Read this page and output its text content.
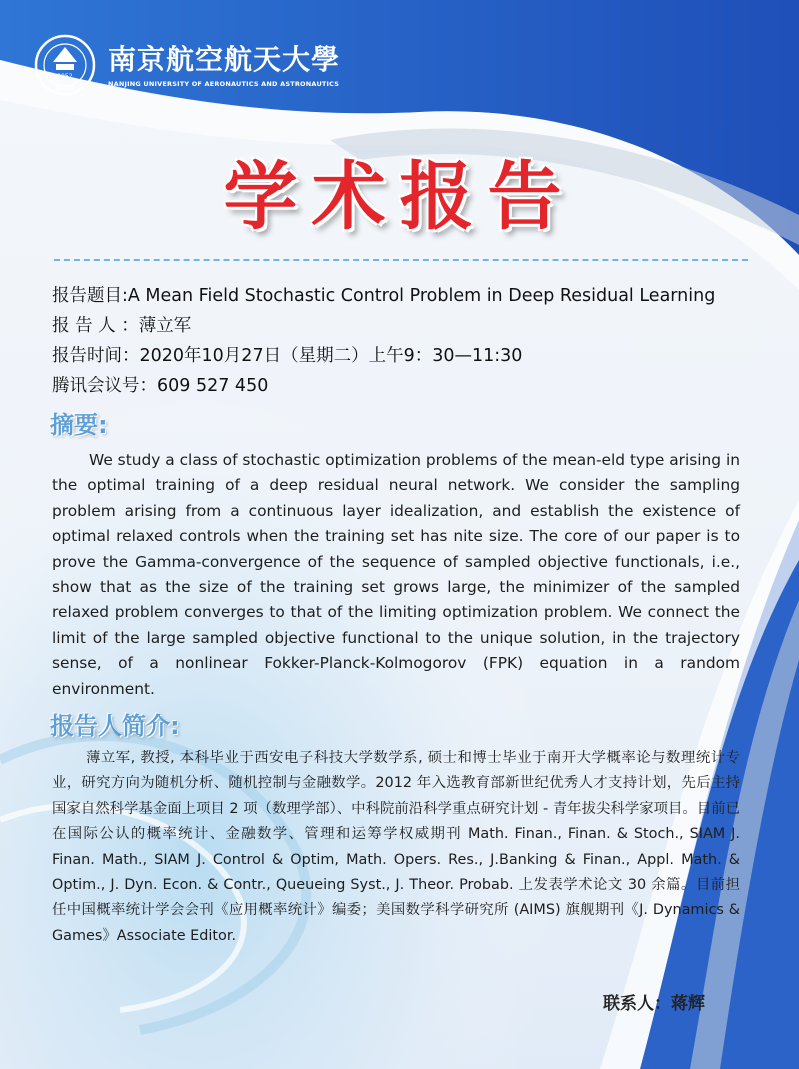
1952
NUAA
南京航空航天大學
NANJING UNIVERSITY OF AERONAUTICS AND ASTRONAUTICS
学术报告
报告题目:A Mean Field Stochastic Control Problem in Deep Residual Learning
报 告 人 ：薄立军
报告时间：2020年10月27日（星期二）上午9：30—11:30
腾讯会议号：609 527 450
摘要:
We study a class of stochastic optimization problems of the mean-eld type arising in the optimal training of a deep residual neural network. We consider the sampling problem arising from a continuous layer idealization, and establish the existence of optimal relaxed controls when the training set has nite size. The core of our paper is to prove the Gamma-convergence of the sequence of sampled objective functionals, i.e., show that as the size of the training set grows large, the minimizer of the sampled relaxed problem converges to that of the limiting optimization problem. We connect the limit of the large sampled objective functional to the unique solution, in the trajectory sense, of a nonlinear Fokker-Planck-Kolmogorov (FPK) equation in a random environment.
报告人简介:
薄立军, 教授, 本科毕业于西安电子科技大学数学系, 硕士和博士毕业于南开大学概率论与数理统计专业，研究方向为随机分析、随机控制与金融数学。2012 年入选教育部新世纪优秀人才支持计划，先后主持国家自然科学基金面上项目 2 项（数理学部）、中科院前沿科学重点研究计划 - 青年拔尖科学家项目。目前已在国际公认的概率统计、金融数学、管理和运筹学权威期刊 Math. Finan., Finan. & Stoch., SIAM J. Finan. Math., SIAM J. Control & Optim, Math. Opers. Res., J.Banking & Finan., Appl. Math. & Optim., J. Dyn. Econ. & Contr., Queueing Syst., J. Theor. Probab. 上发表学术论文 30 余篇。目前担任中国概率统计学会会刊《应用概率统计》编委；美国数学科学研究所 (AIMS) 旗舰期刊《J. Dynamics & Games》Associate Editor.
联系人：蒋辉
